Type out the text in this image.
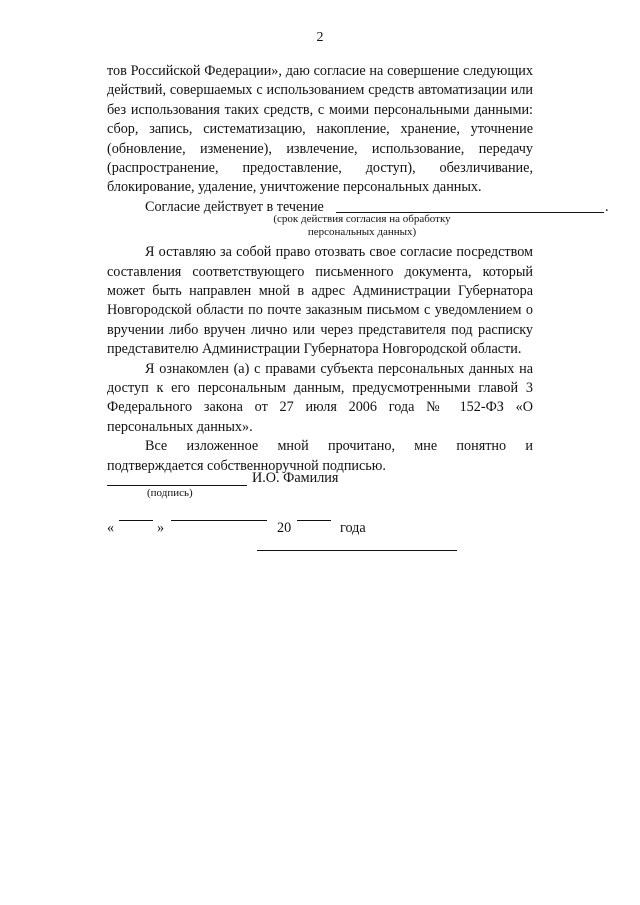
2

тов Российской Федерации», даю согласие на совершение следующих действий, совершаемых с использованием средств автоматизации или без использования таких средств, с моими персональными данными: сбор, запись, систематизацию, накопление, хранение, уточнение (обновление, изменение), извлечение, использование, передачу (распространение, предоставление, доступ), обезличивание, блокирование, удаление, уничтожение персональных данных.

Согласие действует в течение	.

Я оставляю за собой право отозвать свое согласие посредством составления соответствующего письменного документа, который может быть направлен мной в адрес Администрации Губернатора Новгородской области по почте заказным письмом с уведомлением о вручении либо вручен лично или через представителя под расписку представителю Администрации Губернатора Новгородской области.

Я ознакомлен (а) с правами субъекта персональных данных на доступ к его персональным данным, предусмотренными главой 3 Федерального закона от 27 июля 2006 года № 152-ФЗ «О персональных данных».

Все изложенное мной прочитано, мне понятно и подтверждается собственноручной подписью.

(срок действия согласия на обработку
персональных данных)
И.О. Фамилия
(подпись)
«	»	20	года
